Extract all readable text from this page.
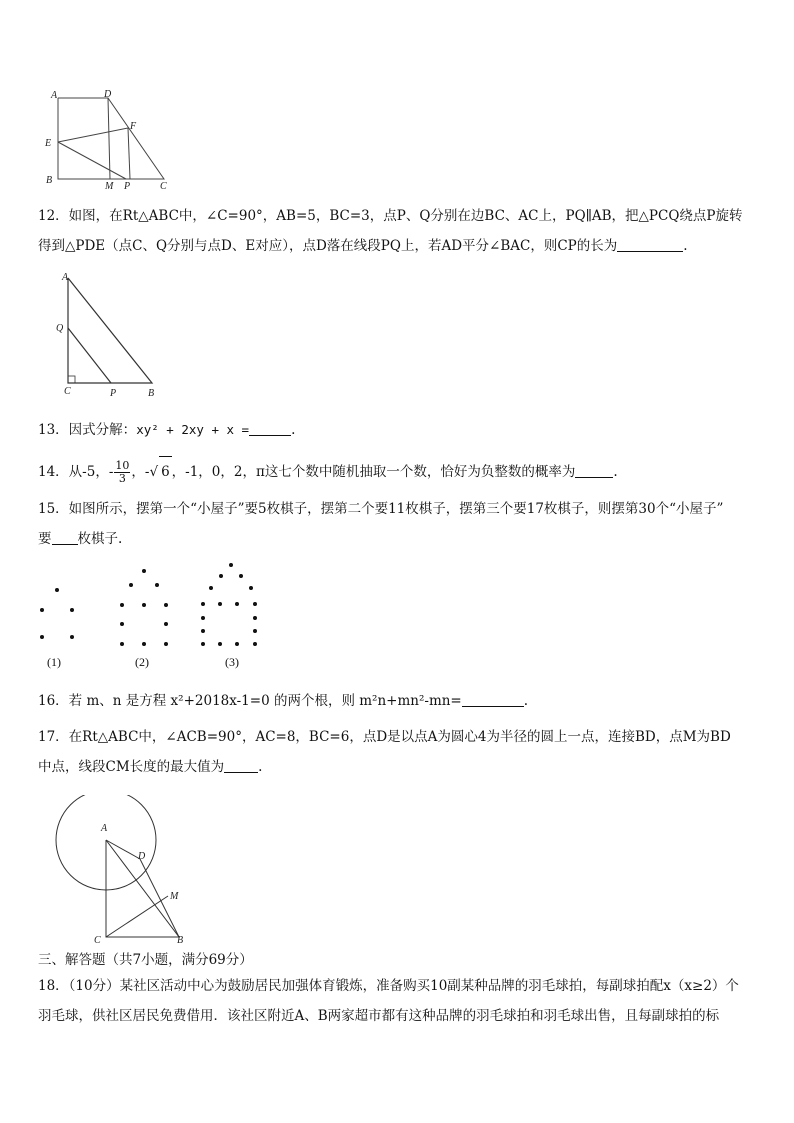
A	D
F
E
B
M P	C
12．如图，在Rt△ABC中，∠C=90°，AB=5，BC=3，点P、Q分别在边BC、AC上，PQ∥AB，把△PCQ绕点P旋转
得到△PDE（点C、Q分别与点D、E对应），点D落在线段PQ上，若AD平分∠BAC，则CP的长为	.
A
Q
C	P	B
13．因式分解：xy² + 2xy + x =	.
14．从-5，- $\frac{10}{3}$ ，-√ 6 ，-1，0，2，π这七个数中随机抽取一个数，恰好为负整数的概率为	.
15．如图所示，摆第一个“小屋子”要5枚棋子，摆第二个要11枚棋子，摆第三个要17枚棋子，则摆第30个“小屋子”
要 枚棋子.
(1)	(2)	(3)
16．若 m、n 是方程 x²+2018x-1=0 的两个根，则 m²n+mn²-mn=	.
17．在Rt△ABC中，∠ACB=90°，AC=8，BC=6，点D是以点A为圆心4为半径的圆上一点，连接BD，点M为BD
中点，线段CM长度的最大值为	.
A
D
M
C	B
三、解答题（共7小题，满分69分）
18．（10分）某社区活动中心为鼓励居民加强体育锻炼，准备购买10副某种品牌的羽毛球拍，每副球拍配x（x≥2）个
羽毛球，供社区居民免费借用．该社区附近A、B两家超市都有这种品牌的羽毛球拍和羽毛球出售，且每副球拍的标
